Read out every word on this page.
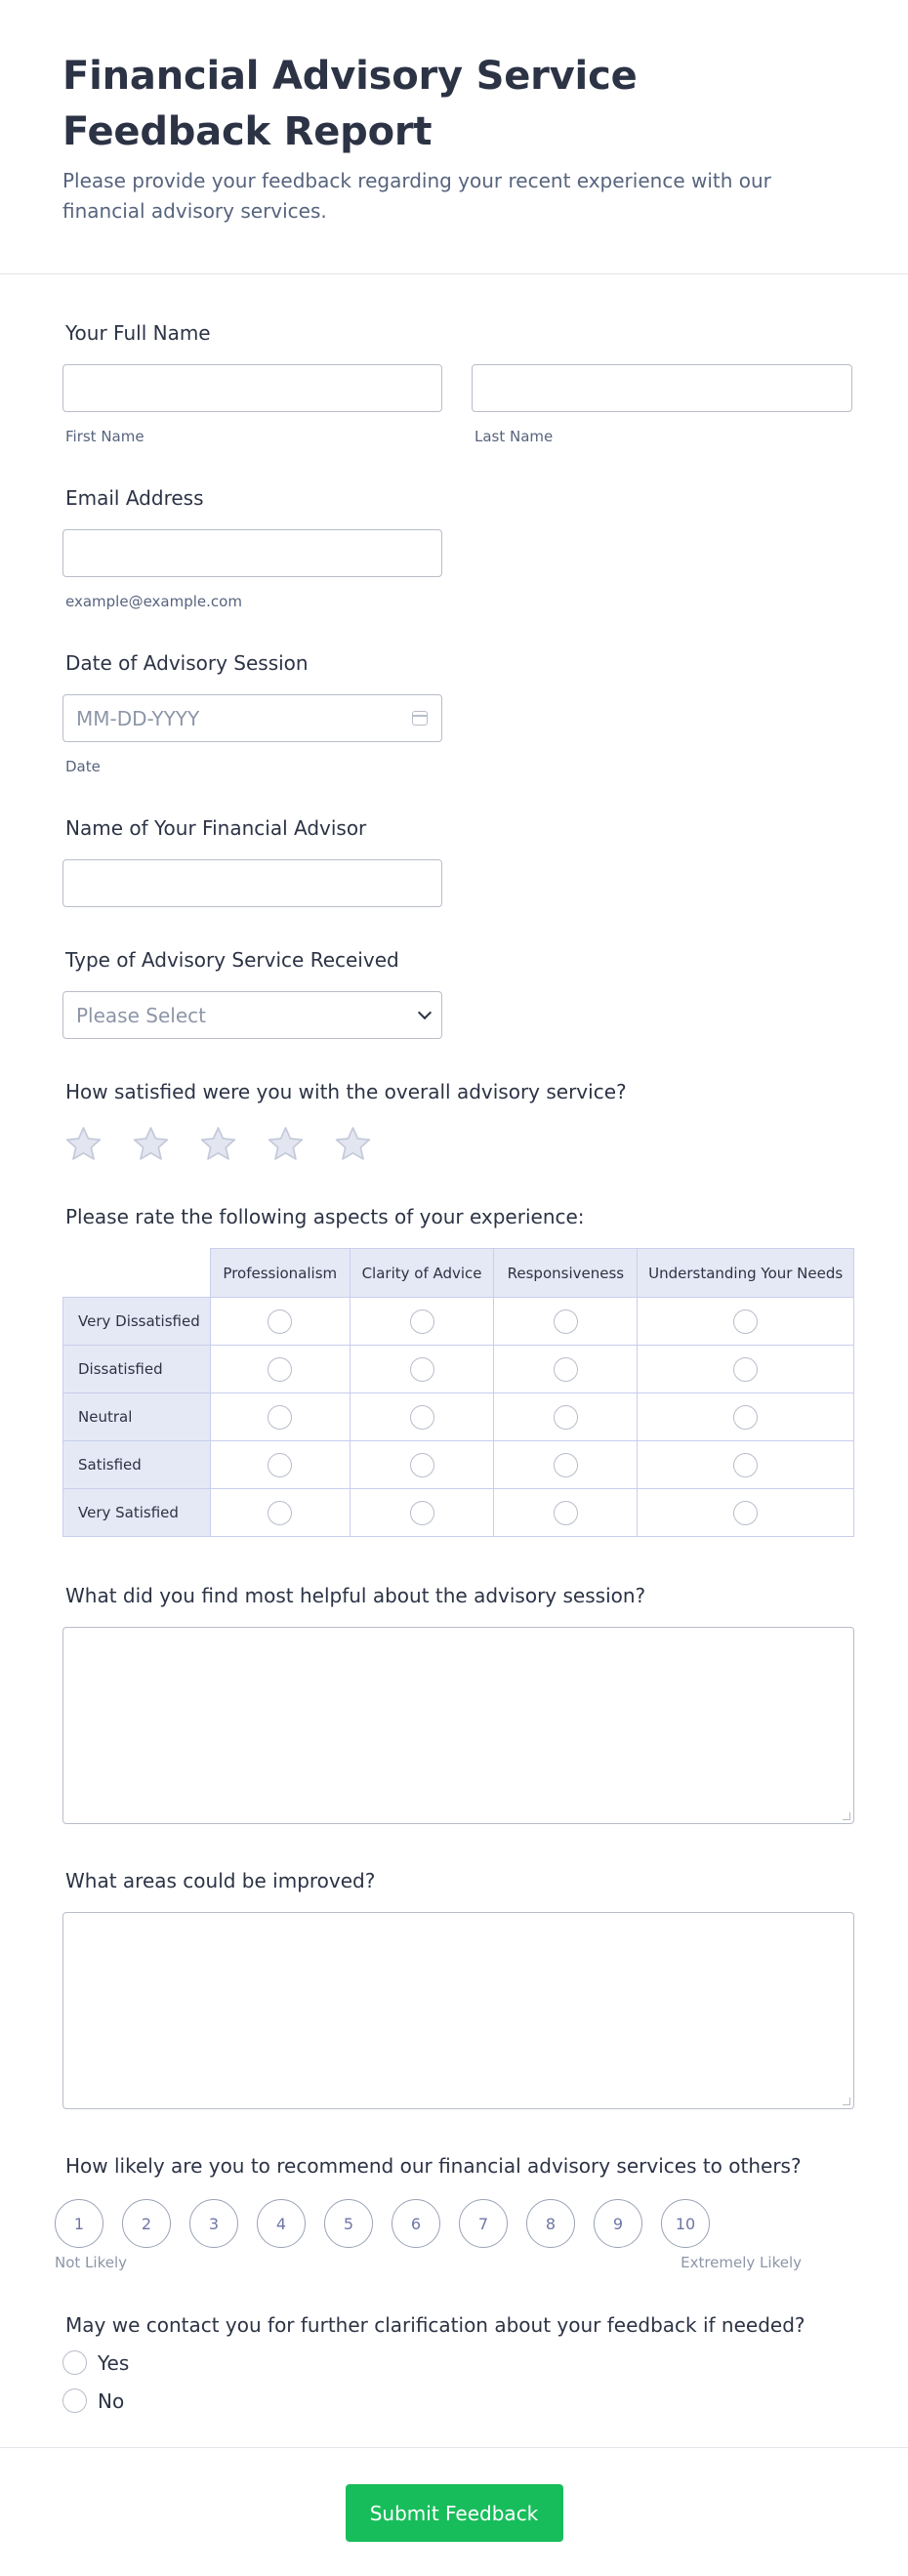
Financial Advisory Service Feedback Report

Please provide your feedback regarding your recent experience with our financial advisory services.

Your Full Name
First Name	Last Name
Email Address
example@example.com
Date of Advisory Session
MM-DD-YYYY
Date
Name of Your Financial Advisor
Type of Advisory Service Received
Please Select
How satisfied were you with the overall advisory service?
Please rate the following aspects of your experience:
	Professionalism	Clarity of Advice	Responsiveness	Understanding Your Needs
Very Dissatisfied				
Dissatisfied				
Neutral				
Satisfied				
Very Satisfied				
What did you find most helpful about the advisory session?
What areas could be improved?
How likely are you to recommend our financial advisory services to others?
1	2	3	4	5	6	7	8	9	10
Not Likely	Extremely Likely
May we contact you for further clarification about your feedback if needed?
Yes
No
Submit Feedback
